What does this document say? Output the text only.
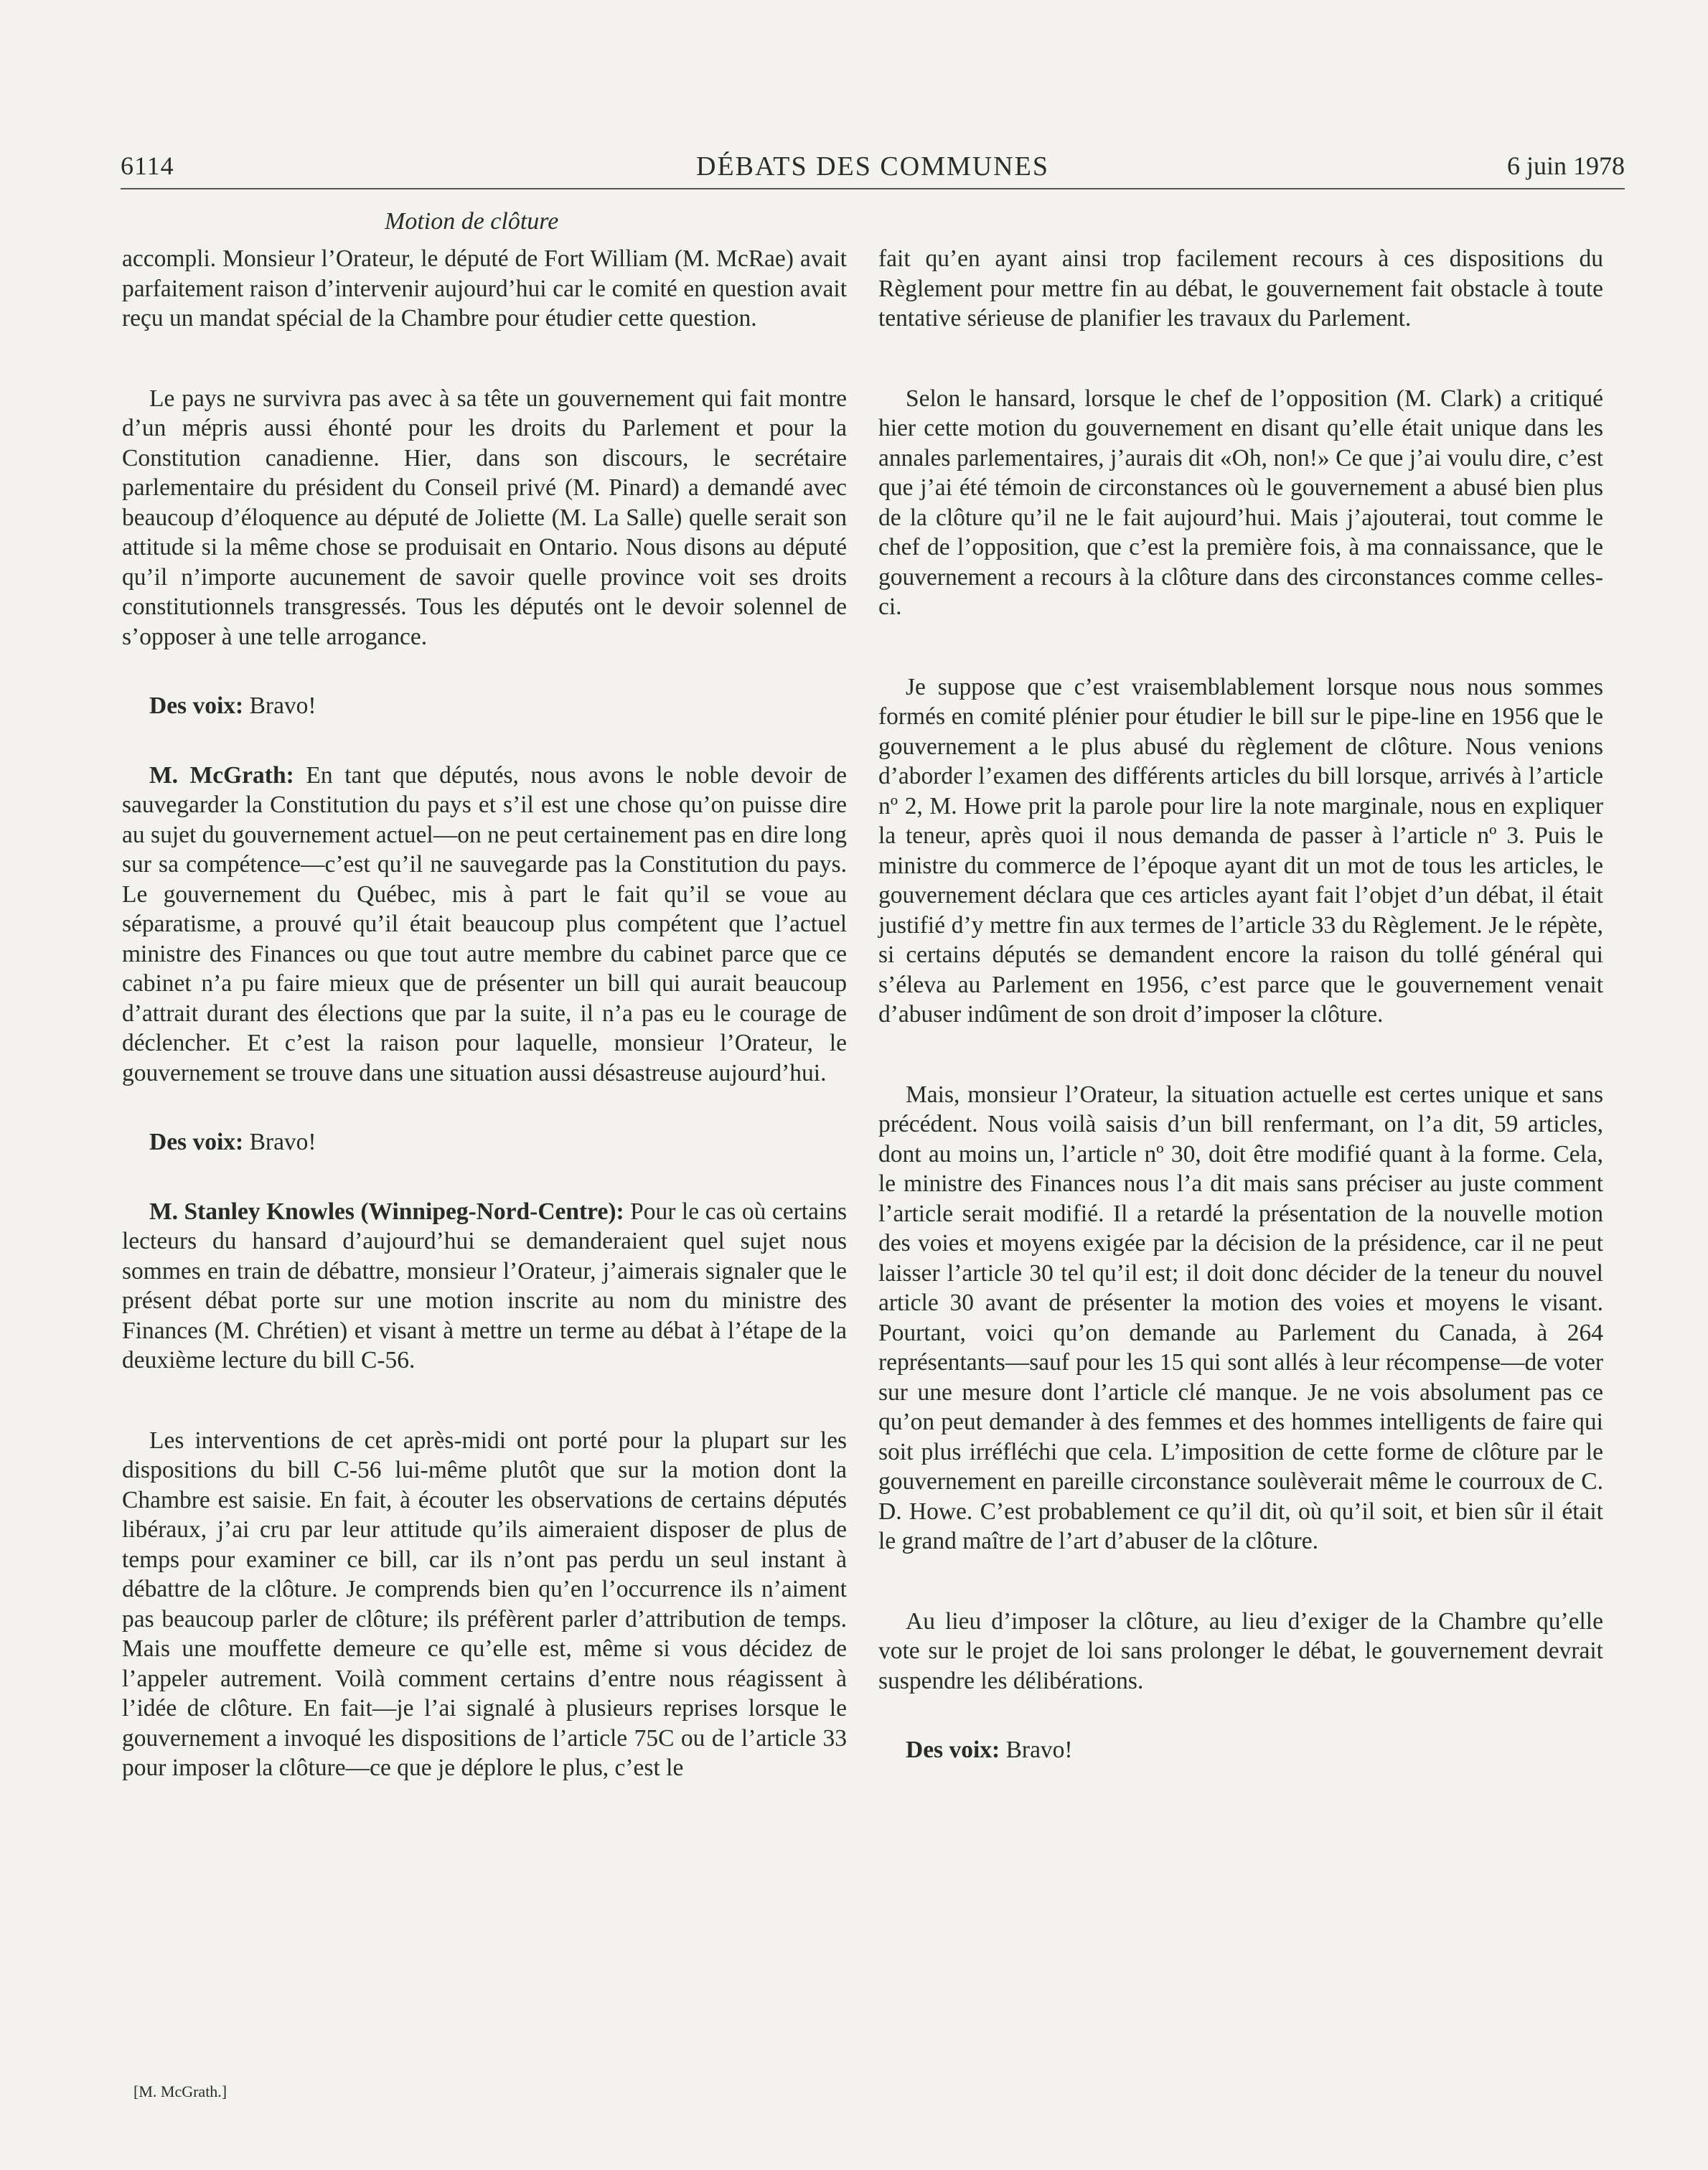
6114	DÉBATS DES COMMUNES	6 juin 1978
Motion de clôture

accompli. Monsieur l’Orateur, le député de Fort William (M. McRae) avait parfaitement raison d’intervenir aujourd’hui car le comité en question avait reçu un mandat spécial de la Chambre pour étudier cette question.

Le pays ne survivra pas avec à sa tête un gouvernement qui fait montre d’un mépris aussi éhonté pour les droits du Parlement et pour la Constitution canadienne. Hier, dans son discours, le secrétaire parlementaire du président du Conseil privé (M. Pinard) a demandé avec beaucoup d’éloquence au député de Joliette (M. La Salle) quelle serait son attitude si la même chose se produisait en Ontario. Nous disons au député qu’il n’importe aucunement de savoir quelle province voit ses droits constitutionnels transgressés. Tous les députés ont le devoir solennel de s’opposer à une telle arrogance.

Des voix: Bravo!

M. McGrath: En tant que députés, nous avons le noble devoir de sauvegarder la Constitution du pays et s’il est une chose qu’on puisse dire au sujet du gouvernement actuel—on ne peut certainement pas en dire long sur sa compétence—c’est qu’il ne sauvegarde pas la Constitution du pays. Le gouvernement du Québec, mis à part le fait qu’il se voue au séparatisme, a prouvé qu’il était beaucoup plus compétent que l’actuel ministre des Finances ou que tout autre membre du cabinet parce que ce cabinet n’a pu faire mieux que de présenter un bill qui aurait beaucoup d’attrait durant des élections que par la suite, il n’a pas eu le courage de déclencher. Et c’est la raison pour laquelle, monsieur l’Orateur, le gouvernement se trouve dans une situation aussi désastreuse aujourd’hui.

Des voix: Bravo!

M. Stanley Knowles (Winnipeg-Nord-Centre): Pour le cas où certains lecteurs du hansard d’aujourd’hui se demanderaient quel sujet nous sommes en train de débattre, monsieur l’Orateur, j’aimerais signaler que le présent débat porte sur une motion inscrite au nom du ministre des Finances (M. Chrétien) et visant à mettre un terme au débat à l’étape de la deuxième lecture du bill C-56.

Les interventions de cet après-midi ont porté pour la plupart sur les dispositions du bill C-56 lui-même plutôt que sur la motion dont la Chambre est saisie. En fait, à écouter les observations de certains députés libéraux, j’ai cru par leur attitude qu’ils aimeraient disposer de plus de temps pour examiner ce bill, car ils n’ont pas perdu un seul instant à débattre de la clôture. Je comprends bien qu’en l’occurrence ils n’aiment pas beaucoup parler de clôture; ils préfèrent parler d’attribution de temps. Mais une mouffette demeure ce qu’elle est, même si vous décidez de l’appeler autrement. Voilà comment certains d’entre nous réagissent à l’idée de clôture. En fait—je l’ai signalé à plusieurs reprises lorsque le gouvernement a invoqué les dispositions de l’article 75C ou de l’article 33 pour imposer la clôture—ce que je déplore le plus, c’est le

fait qu’en ayant ainsi trop facilement recours à ces dispositions du Règlement pour mettre fin au débat, le gouvernement fait obstacle à toute tentative sérieuse de planifier les travaux du Parlement.

Selon le hansard, lorsque le chef de l’opposition (M. Clark) a critiqué hier cette motion du gouvernement en disant qu’elle était unique dans les annales parlementaires, j’aurais dit «Oh, non!» Ce que j’ai voulu dire, c’est que j’ai été témoin de circonstances où le gouvernement a abusé bien plus de la clôture qu’il ne le fait aujourd’hui. Mais j’ajouterai, tout comme le chef de l’opposition, que c’est la première fois, à ma connaissance, que le gouvernement a recours à la clôture dans des circonstances comme celles-ci.

Je suppose que c’est vraisemblablement lorsque nous nous sommes formés en comité plénier pour étudier le bill sur le pipe-line en 1956 que le gouvernement a le plus abusé du règlement de clôture. Nous venions d’aborder l’examen des différents articles du bill lorsque, arrivés à l’article nº 2, M. Howe prit la parole pour lire la note marginale, nous en expliquer la teneur, après quoi il nous demanda de passer à l’article nº 3. Puis le ministre du commerce de l’époque ayant dit un mot de tous les articles, le gouvernement déclara que ces articles ayant fait l’objet d’un débat, il était justifié d’y mettre fin aux termes de l’article 33 du Règlement. Je le répète, si certains députés se demandent encore la raison du tollé général qui s’éleva au Parlement en 1956, c’est parce que le gouvernement venait d’abuser indûment de son droit d’imposer la clôture.

Mais, monsieur l’Orateur, la situation actuelle est certes unique et sans précédent. Nous voilà saisis d’un bill renfermant, on l’a dit, 59 articles, dont au moins un, l’article nº 30, doit être modifié quant à la forme. Cela, le ministre des Finances nous l’a dit mais sans préciser au juste comment l’article serait modifié. Il a retardé la présentation de la nouvelle motion des voies et moyens exigée par la décision de la présidence, car il ne peut laisser l’article 30 tel qu’il est; il doit donc décider de la teneur du nouvel article 30 avant de présenter la motion des voies et moyens le visant. Pourtant, voici qu’on demande au Parlement du Canada, à 264 représentants—sauf pour les 15 qui sont allés à leur récompense—de voter sur une mesure dont l’article clé manque. Je ne vois absolument pas ce qu’on peut demander à des femmes et des hommes intelligents de faire qui soit plus irréfléchi que cela. L’imposition de cette forme de clôture par le gouvernement en pareille circonstance soulèverait même le courroux de C. D. Howe. C’est probablement ce qu’il dit, où qu’il soit, et bien sûr il était le grand maître de l’art d’abuser de la clôture.

Au lieu d’imposer la clôture, au lieu d’exiger de la Chambre qu’elle vote sur le projet de loi sans prolonger le débat, le gouvernement devrait suspendre les délibérations.

Des voix: Bravo!

[M. McGrath.]
